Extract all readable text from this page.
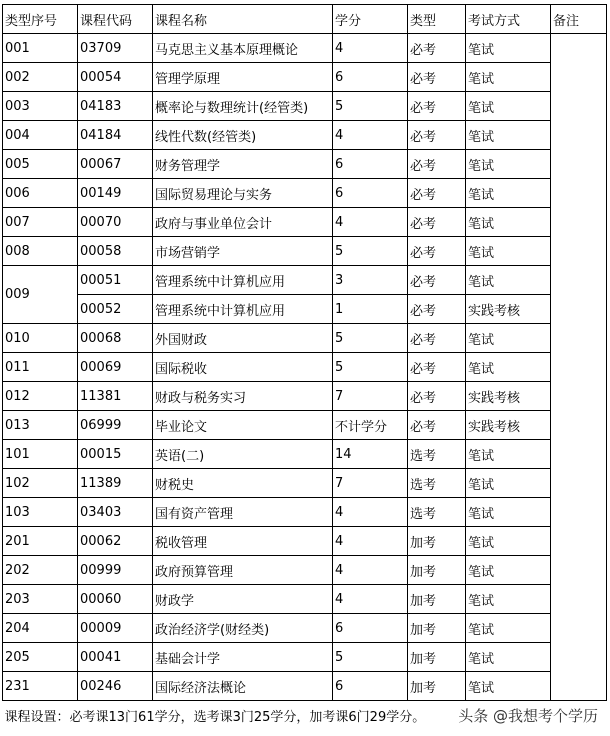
类型序号	课程代码	课程名称	学分	类型	考试方式	备注
001	03709	马克思主义基本原理概论	4	必考	笔试	
002	00054	管理学原理	6	必考	笔试	
003	04183	概率论与数理统计(经管类)	5	必考	笔试	
004	04184	线性代数(经管类)	4	必考	笔试	
005	00067	财务管理学	6	必考	笔试	
006	00149	国际贸易理论与实务	6	必考	笔试	
007	00070	政府与事业单位会计	4	必考	笔试	
008	00058	市场营销学	5	必考	笔试	
009	00051	管理系统中计算机应用	3	必考	笔试	
	00052	管理系统中计算机应用	1	必考	实践考核	
010	00068	外国财政	5	必考	笔试	
011	00069	国际税收	5	必考	笔试	
012	11381	财政与税务实习	7	必考	实践考核	
013	06999	毕业论文	不计学分	必考	实践考核	
101	00015	英语(二)	14	选考	笔试	
102	11389	财税史	7	选考	笔试	
103	03403	国有资产管理	4	选考	笔试	
201	00062	税收管理	4	加考	笔试	
202	00999	政府预算管理	4	加考	笔试	
203	00060	财政学	4	加考	笔试	
204	00009	政治经济学(财经类)	6	加考	笔试	
205	00041	基础会计学	5	加考	笔试	
231	00246	国际经济法概论	6	加考	笔试	
课程设置：必考课13门61学分，选考课3门25学分，加考课6门29学分。						头条 @我想考个学历
